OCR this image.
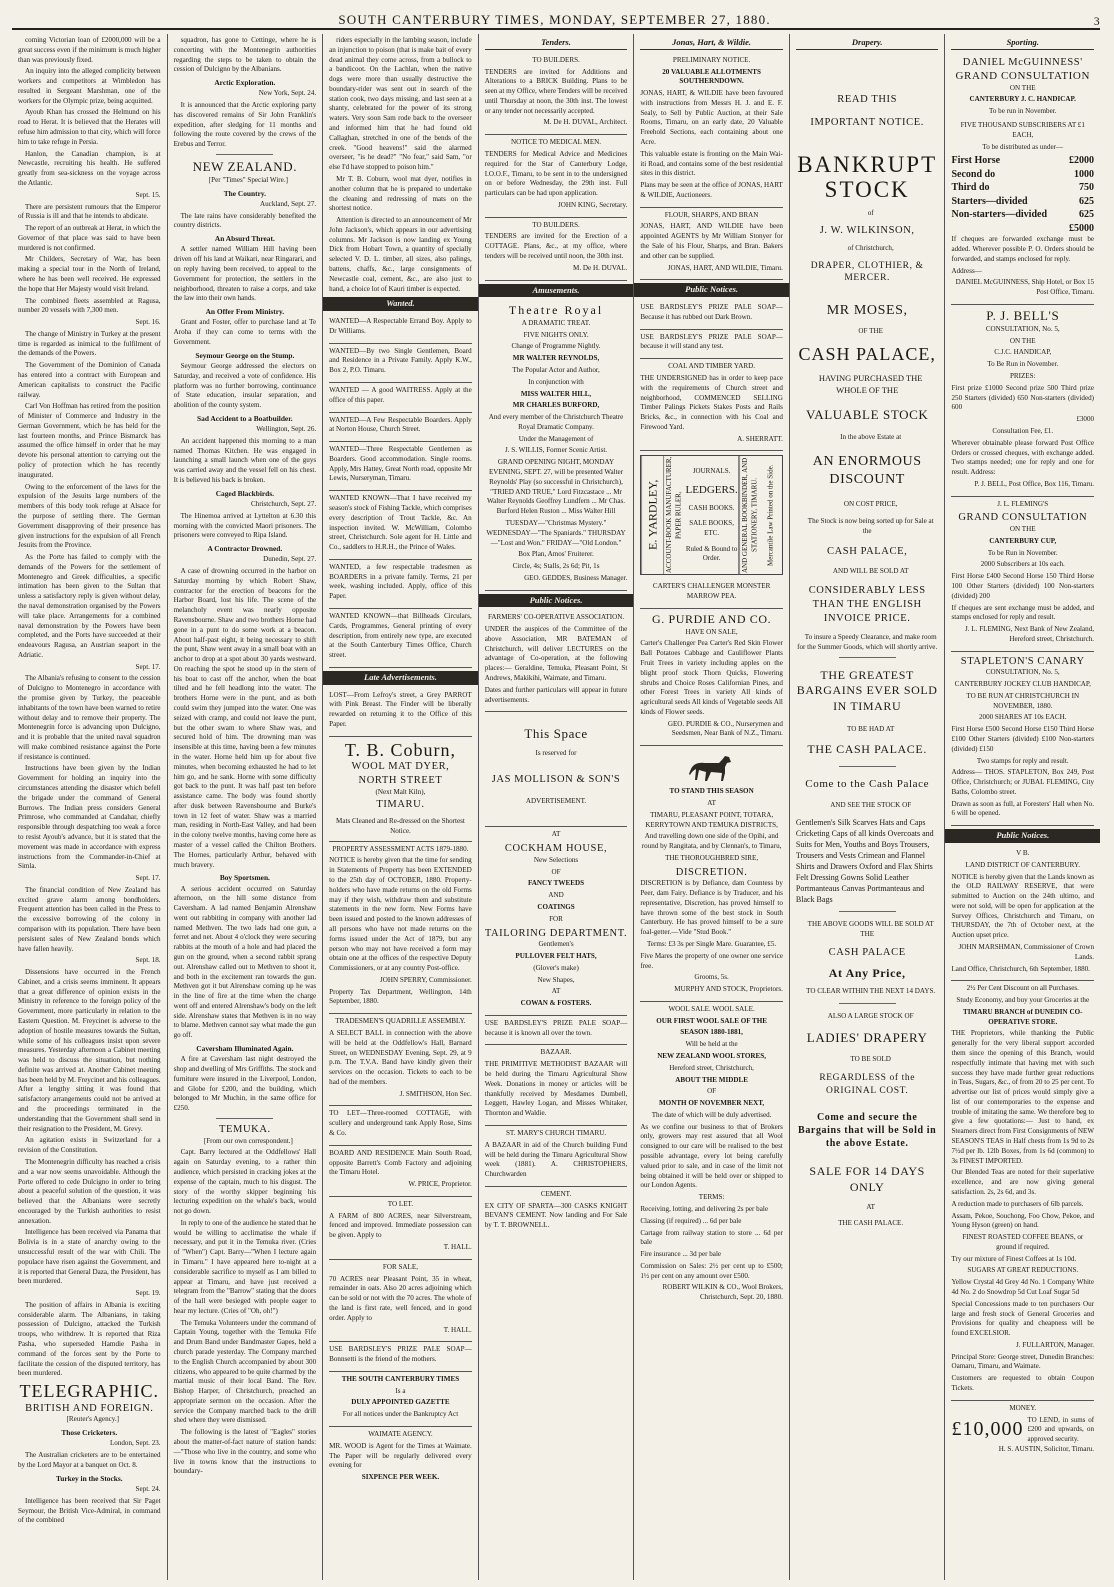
SOUTH CANTERBURY TIMES, MONDAY, SEPTEMBER 27, 1880.	3

coming Victorian loan of £2000,000 will be a great success even if the minimum is much higher than was previously fixed.

An inquiry into the alleged complicity between workers and competitors at Wimbledon has resulted in Sergeant Marshman, one of the workers for the Olympic prize, being acquitted.

Ayoub Khan has crossed the Helmund on his road to Herat. It is believed that the Herates will refuse him admission to that city, which will force him to take refuge in Persia.

Hanlon, the Canadian champion, is at Newcastle, recruiting his health. He suffered greatly from sea-sickness on the voyage across the Atlantic.

Sept. 15.

There are persistent rumours that the Emperor of Russia is ill and that he intends to abdicate.

The report of an outbreak at Herat, in which the Governor of that place was said to have been murdered is not confirmed.

Mr Childers, Secretary of War, has been making a special tour in the North of Ireland, where he has been well received. He expressed the hope that Her Majesty would visit Ireland.

The combined fleets assembled at Ragusa, number 20 vessels with 7,300 men.

Sept. 16.

The change of Ministry in Turkey at the present time is regarded as inimical to the fulfilment of the demands of the Powers.

The Government of the Dominion of Canada has entered into a contract with European and American capitalists to construct the Pacific railway.

Carl Von Hoffman has retired from the position of Minister of Commerce and Industry in the German Government, which he has held for the last fourteen months, and Prince Bismarck has assumed the office himself in order that he may devote his personal attention to carrying out the policy of protection which he has recently inaugurated.

Owing to the enforcement of the laws for the expulsion of the Jesuits large numbers of the members of this body took refuge at Alsace for the purpose of settling there. The German Government disapproving of their presence has given instructions for the expulsion of all French Jesuits from the Province.

As the Porte has failed to comply with the demands of the Powers for the settlement of Montenegro and Greek difficulties, a specific intimation has been given to the Sultan that unless a satisfactory reply is given without delay, the naval demonstration organised by the Powers will take place. Arrangements for a combined naval demonstration by the Powers have been completed, and the Ports have succeeded at their endeavours Ragusa, an Austrian seaport in the Adriatic.

Sept. 17.

The Albania's refusing to consent to the cession of Dulcigno to Montenegro in accordance with the promise given by Turkey, the peaceable inhabitants of the town have been warned to retire without delay and to remove their property. The Montenegrin force is advancing upon Dulcigno, and it is probable that the united naval squadron will make combined resistance against the Porte if resistance is continued.

Instructions have been given by the Indian Government for holding an inquiry into the circumstances attending the disaster which befell the brigade under the command of General Burrows. The Indian press considers General Primrose, who commanded at Candahar, chiefly responsible through despatching too weak a force to resist Ayoub's advance, but it is stated that the movement was made in accordance with express instructions from the Commander-in-Chief at Simla.

Sept. 17.

The financial condition of New Zealand has excited grave alarm among bondholders. Frequent attention has been called in the Press to the excessive borrowing of the colony in comparison with its population. There have been persistent sales of New Zealand bonds which have fallen heavily.

Sept. 18.

Dissensions have occurred in the French Cabinet, and a crisis seems imminent. It appears that a great difference of opinion exists in the Ministry in reference to the foreign policy of the Government, more particularly in relation to the Eastern Question. M. Freycinet is adverse to the adoption of hostile measures towards the Sultan, while some of his colleagues insist upon severe measures. Yesterday afternoon a Cabinet meeting was held to discuss the situation, but nothing definite was arrived at. Another Cabinet meeting has been held by M. Freycinet and his colleagues. After a lengthy sitting it was found that satisfactory arrangements could not be arrived at and the proceedings terminated in the understanding that the Government shall send in their resignation to the President, M. Grevy.

An agitation exists in Switzerland for a revision of the Constitution.

The Montenegrin difficulty has reached a crisis and a war now seems unavoidable. Although the Porte offered to cede Dulcigno in order to bring about a peaceful solution of the question, it was believed that the Albanians were secretly encouraged by the Turkish authorities to resist annexation.

Intelligence has been received via Panama that Bolivia is in a state of anarchy owing to the unsuccessful result of the war with Chili. The populace have risen against the Government, and it is reported that General Daza, the President, has been murdered.

Sept. 19.

The position of affairs in Albania is exciting considerable alarm. The Albanians, in taking possession of Dulcigno, attacked the Turkish troops, who withdrew. It is reported that Riza Pasha, who superseded Hamdie Pasha in command of the forces sent by the Porte to facilitate the cession of the disputed territory, has been murdered.

TELEGRAPHIC.
BRITISH AND FOREIGN.

[Reuter's Agency.]

Those Cricketers.

London, Sept. 23.

The Australian cricketers are to be entertained by the Lord Mayor at a banquet on Oct. 8.

Turkey in the Stocks.

Sept. 24.

Intelligence has been received that Sir Paget Seymour, the British Vice-Admiral, in command of the combined

squadron, has gone to Cettinge, where he is concerting with the Montenegrin authorities regarding the steps to be taken to obtain the cession of Dulcigno by the Albanians.

Arctic Exploration.

New York, Sept. 24.

It is announced that the Arctic exploring party has discovered remains of Sir John Franklin's expedition, after sledging for 11 months and following the route covered by the crews of the Erebus and Terror.

NEW ZEALAND.

[Per "Times" Special Wire.]

The Country.

Auckland, Sept. 27.

The late rains have considerably benefited the country districts.

An Absurd Threat.

A settler named William Hill having been driven off his land at Waikari, near Ringarari, and on reply having been received, to appeal to the Government for protection, the settlers in the neighborhood, threaten to raise a corps, and take the law into their own hands.

An Offer From Ministry.

Grant and Foster, offer to purchase land at Te Aroha if they can come to terms with the Government.

Seymour George on the Stump.

Seymour George addressed the electors on Saturday, and received a vote of confidence. His platform was no further borrowing, continuance of State education, insular separation, and abolition of the county system.

Sad Accident to a Boatbuilder.

Wellington, Sept. 26.

An accident happened this morning to a man named Thomas Kitchen. He was engaged in launching a small launch when one of the guys was carried away and the vessel fell on his chest. It is believed his back is broken.

Caged Blackbirds.

Christchurch, Sept. 27.

The Hinemoa arrived at Lyttelton at 6.30 this morning with the convicted Maori prisoners. The prisoners were conveyed to Ripa Island.

A Contractor Drowned.

Dunedin, Sept. 27.

A case of drowning occurred in the harbor on Saturday morning by which Robert Shaw, contractor for the erection of beacons for the Harbor Board, lost his life. The scene of the melancholy event was nearly opposite Ravensbourne. Shaw and two brothers Horne had gone in a punt to do some work at a beacon. About half-past eight, it being necessary to shift the punt, Shaw went away in a small boat with an anchor to drop at a spot about 30 yards westward. On reaching the spot he stood up in the stern of his boat to cast off the anchor, when the boat tilted and he fell headlong into the water. The brothers Horne were in the punt, and as both could swim they jumped into the water. One was seized with cramp, and could not leave the punt, but the other swam to where Shaw was, and secured hold of him. The drowning man was insensible at this time, having been a few minutes in the water. Horne held him up for about five minutes, when becoming exhausted he had to let him go, and he sank. Horne with some difficulty got back to the punt. It was half past ten before assistance came. The body was found shortly after dusk between Ravensbourne and Burke's town in 12 feet of water. Shaw was a married man, residing in North-East Valley, and had been in the colony twelve months, having come here as master of a vessel called the Chilton Brothers. The Hornes, particularly Arthur, behaved with much bravery.

Boy Sportsmen.

A serious accident occurred on Saturday afternoon, on the hill some distance from Caversham. A lad named Benjamin Alrenshaw went out rabbiting in company with another lad named Methven. The two lads had one gun, a ferret and net. About 4 o'clock they were securing rabbits at the mouth of a hole and had placed the gun on the ground, when a second rabbit sprang out. Alrenshaw called out to Methven to shoot it, and both in the excitement ran towards the gun. Methven got it but Alrenshaw coming up he was in the line of fire at the time when the charge went off and entered Alrenshaw's body on the left side. Alrenshaw states that Methven is in no way to blame. Methven cannot say what made the gun go off.

Caversham Illuminated Again.

A fire at Caversham last night destroyed the shop and dwelling of Mrs Griffiths. The stock and furniture were insured in the Liverpool, London, and Globe for £200, and the building, which belonged to Mr Muchin, in the same office for £250.

TEMUKA.

[From our own correspondent.]

Capt. Barry lectured at the Oddfellows' Hall again on Saturday evening, to a rather thin audience, which persisted in cracking jokes at the expense of the captain, much to his disgust. The story of the worthy skipper beginning his lecturing expedition on the whale's back, would not go down.

In reply to one of the audience he stated that he would be willing to acclimatise the whale if necessary, and put it in the Temuka river. (Cries of "When") Capt. Barry—"When I lecture again in Timaru." I have appeared here to-night at a considerable sacrifice to myself as I am billed to appear at Timaru, and have just received a telegram from the "Barrow" stating that the doors of the hall were besieged with people eager to hear my lecture. (Cries of "Oh, oh!")

The Temuka Volunteers under the command of Captain Young, together with the Temuka Fife and Drum Band under Bandmaster Gapes, held a church parade yesterday. The Company marched to the English Church accompanied by about 300 citizens, who appeared to be quite charmed by the martial music of their local Band. The Rev. Bishop Harper, of Christchurch, preached an appropriate sermon on the occasion. After the service the Company marched back to the drill shed where they were dismissed.

The following is the latest of "Eagles" stories about the matter-of-fact nature of station hands:—"Those who live in the country, and some who live in towns know that the instructions to boundary-

riders especially in the lambing season, include an injunction to poison (that is make bait of every dead animal they come across, from a bullock to a bandicoot. On the Lachlan, when the native dogs were more than usually destructive the boundary-rider was sent out in search of the station cook, two days missing, and last seen at a shanty, celebrated for the power of its strong waters. Very soon Sam rode back to the overseer and informed him that he had found old Callaghan, stretched in one of the bends of the creek. "Good heavens!" said the alarmed overseer, "is he dead?" "No fear," said Sam, "or else I'd have stopped to poison him."

Mr T. B. Coburn, wool mat dyer, notifies in another column that he is prepared to undertake the cleaning and redressing of mats on the shortest notice.

Attention is directed to an announcement of Mr John Jackson's, which appears in our advertising columns. Mr Jackson is now landing ex Young Dick from Hobart Town, a quantity of specially selected V. D. L. timber, all sizes, also palings, battens, chaffs, &c., large consignments of Newcastle coal, cement, &c., are also just to hand, a choice lot of Kauri timber is expected.

Wanted.

WANTED—A Respectable Errand Boy. Apply to Dr Williams.

WANTED—By two Single Gentlemen, Board and Residence in a Private Family. Apply K.W., Box 2, P.O. Timaru.

WANTED — A good WAITRESS. Apply at the office of this paper.

WANTED—A Few Respectable Boarders. Apply at Norton House, Church Street.

WANTED—Three Respectable Gentlemen as Boarders. Good accommodation. Single rooms. Apply, Mrs Hattey, Great North road, opposite Mr Lewis, Nurseryman, Timaru.

WANTED KNOWN—That I have received my season's stock of Fishing Tackle, which comprises every description of Trout Tackle, &c. An inspection invited. W. McWilliam, Colombo street, Christchurch. Sole agent for H. Little and Co., saddlers to H.R.H., the Prince of Wales.

WANTED, a few respectable tradesmen as BOARDERS in a private family. Terms, 21 per week, washing included. Apply, office of this Paper.

WANTED KNOWN—that Billheads Circulars, Cards, Programmes, General printing of every description, from entirely new type, are executed at the South Canterbury Times Office, Church street.

Late Advertisements.

LOST—From Lefroy's street, a Grey PARROT with Pink Breast. The Finder will be liberally rewarded on returning it to the Office of this Paper.

T. B. Coburn,
WOOL MAT DYER,
NORTH STREET
(Next Malt Kiln),
TIMARU.
Mats Cleaned and Re-dressed on the Shortest Notice.

PROPERTY ASSESSMENT ACTS 1879-1880.

NOTICE is hereby given that the time for sending in Statements of Property has been EXTENDED to the 25th day of OCTOBER, 1880. Property-holders who have made returns on the old Forms may if they wish, withdraw them and substitute statements in the new form. New Forms have been issued and posted to the known addresses of all persons who have not made returns on the forms issued under the Act of 1879, but any person who may not have received a form may obtain one at the offices of the respective Deputy Commissioners, or at any country Post-office.

JOHN SPERRY, Commissioner.

Property Tax Department, Wellington, 14th September, 1880.

TRADESMEN'S QUADRILLE ASSEMBLY.

A SELECT BALL in connection with the above will be held at the Oddfellow's Hall, Barnard Street, on WEDNESDAY Evening, Sept. 29, at 9 p.m. The T.V.A. Band have kindly given their services on the occasion. Tickets to each to be had of the members.

J. SMITHSON, Hon Sec.

TO LET—Three-roomed COTTAGE, with scullery and underground tank Apply Rose, Sims & Co.

BOARD AND RESIDENCE Main South Road, opposite Barrett's Comb Factory and adjoining the Timaru Hotel.

W. PRICE, Proprietor.

TO LET.

A FARM of 800 ACRES, near Silverstream, fenced and improved. Immediate possession can be given. Apply to

T. HALL.

FOR SALE,

70 ACRES near Pleasant Point, 35 in wheat, remainder in oats. Also 20 acres adjoining which can be sold or not with the 70 acres. The whole of the land is first rate, well fenced, and in good order. Apply to

T. HALL.

USE BARDSLEY'S PRIZE PALE SOAP—Bonnsetti is the friend of the mothers.

THE SOUTH CANTERBURY TIMES

Is a

DULY APPOINTED GAZETTE

For all notices under the Bankruptcy Act

WAIMATE AGENCY.

MR. WOOD is Agent for the Times at Waimate. The Paper will be regularly delivered every evening for

SIXPENCE PER WEEK.

Tenders.

TO BUILDERS.

TENDERS are invited for Additions and Alterations to a BRICK Building. Plans to be seen at my Office, where Tenders will be received until Thursday at noon, the 30th inst. The lowest or any tender not necessarily accepted.

M. De H. DUVAL, Architect.

NOTICE TO MEDICAL MEN.

TENDERS for Medical Advice and Medicines required for the Star of Canterbury Lodge, I.O.O.F., Timaru, to be sent in to the undersigned on or before Wednesday, the 29th inst. Full particulars can be had upon application.

JOHN KING, Secretary.

TO BUILDERS.

TENDERS are invited for the Erection of a COTTAGE. Plans, &c., at my office, where tenders will be received until noon, the 30th inst.

M. De H. DUVAL.

Amusements.
Theatre Royal

A DRAMATIC TREAT.

FIVE NIGHTS ONLY.

Change of Programme Nightly.

MR WALTER REYNOLDS,

The Popular Actor and Author,

In conjunction with

MISS WALTER HILL,

MR CHARLES BURFORD,

And every member of the Christchurch Theatre Royal Dramatic Company.

Under the Management of

J. S. WILLIS, Former Scenic Artist.

GRAND OPENING NIGHT, MONDAY EVENING, SEPT. 27, will be presented Walter Reynolds' Play (so successful in Christchurch), "TRIED AND TRUE," Lord Fitzcastace ... Mr Walter Reynolds Geoffrey Lundfern ... Mr Chas. Burford Helen Ruston ... Miss Walter Hill

TUESDAY—"Christmas Mystery." WEDNESDAY—"The Spaniards." THURSDAY—"Lost and Won." FRIDAY—"Old London."

Box Plan, Amos' Fruiterer.

Circle, 4s; Stalls, 2s 6d; Pit, 1s

GEO. GEDDES, Business Manager.

Public Notices.

FARMERS' CO-OPERATIVE ASSOCIATION.

UNDER the auspices of the Committee of the above Association, MR BATEMAN of Christchurch, will deliver LECTURES on the advantage of Co-operation, at the following places:— Geraldine, Temuka, Pleasant Point, St Andrews, Makikihi, Waimate, and Timaru.

Dates and further particulars will appear in future advertisements.

This Space

Is reserved for

JAS MOLLISON & SON'S

ADVERTISEMENT.

AT

COCKHAM HOUSE,

New Selections

OF

FANCY TWEEDS

AND

COATINGS

FOR

TAILORING DEPARTMENT.

Gentlemen's

PULLOVER FELT HATS,

(Glover's make)

New Shapes,

AT

COWAN & FOSTERS.

USE BARDSLEY'S PRIZE PALE SOAP—because it is known all over the town.

BAZAAR.

THE PRIMITIVE METHODIST BAZAAR will be held during the Timaru Agricultural Show Week. Donations in money or articles will be thankfully received by Mesdames Dumbell, Leggett, Hawley Logan, and Misses Whitaker, Thornton and Waldie.

ST. MARY'S CHURCH TIMARU.

A BAZAAR in aid of the Church building Fund will be held during the Timaru Agricultural Show week (1881). A. CHRISTOPHERS, Churchwarden

CEMENT.

EX CITY OF SPARTA—300 CASKS KNIGHT BEVAN'S CEMENT. Now landing and For Sale by T. T. BROWNELL.

Jonas, Hart, & Wildie.

PRELIMINARY NOTICE.

20 VALUABLE ALLOTMENTS SOUTHERNDOWN.

JONAS, HART, & WILDIE have been favoured with instructions from Messrs H. J. and E. F. Sealy, to Sell by Public Auction, at their Sale Rooms, Timaru, on an early date, 20 Valuable Freehold Sections, each containing about one Acre.

This valuable estate is fronting on the Main Wai-iti Road, and contains some of the best residential sites in this district.

Plans may be seen at the office of JONAS, HART & WILDIE, Auctioneers.

FLOUR, SHARPS, AND BRAN

JONAS, HART, AND WILDIE have been appointed AGENTS by Mr William Stonyer for the Sale of his Flour, Sharps, and Bran. Bakers and other can be supplied.

JONAS, HART, AND WILDIE, Timaru.

Public Notices.

USE BARDSLEY'S PRIZE PALE SOAP—Because it has rubbed out Dark Brown.

USE BARDSLEY'S PRIZE PALE SOAP—because it will stand any test.

COAL AND TIMBER YARD.

THE UNDERSIGNED has in order to keep pace with the requirements of Church street and neighborhood, COMMENCED SELLING Timber Palings Pickets Stakes Posts and Rails Bricks, &c., in connection with his Coal and Firewood Yard.

A. SHERRATT.

E. YARDLEY, ACCOUNT-BOOK MANUFACTURER, PAPER RULER,
JOURNALS.
LEDGERS.
CASH BOOKS.
SALE BOOKS, ETC.
Ruled & Bound to Order.	AND GENERAL BOOKBINDER, AND STATIONERY, TIMARU.	Mercantile Law Printed on the Side.

CARTER'S CHALLENGER MONSTER MARROW PEA.

G. PURDIE AND CO.

HAVE ON SALE,

Carter's Challenger Pea Carter's Red Skin Flower Ball Potatoes Cabbage and Cauliflower Plants Fruit Trees in variety including apples on the blight proof stock Thorn Quicks, Flowering shrubs and Choice Roses Californian Pines, and other Forest Trees in variety All kinds of agricultural seeds All kinds of Vegetable seeds All kinds of Flower seeds.

GEO. PURDIE & CO., Nurserymen and Seedsmen, Near Bank of N.Z., Timaru.

TO STAND THIS SEASON

AT

TIMARU, PLEASANT POINT, TOTARA, KERRYTOWN AND TEMUKA DISTRICTS,

And travelling down one side of the Opihi, and round by Rangitata, and by Clennan's, to Timaru,

THE THOROUGHBRED SIRE,

DISCRETION.

DISCRETION is by Defiance, dam Countess by Peer, dam Fairy. Defiance is by Traducer, and his representative, Discretion, has proved himself to have thrown some of the best stock in South Canterbury. He has proved himself to be a sure foal-getter.—Vide "Stud Book."

Terms: £3 3s per Single Mare. Guarantee, £5.

Five Mares the property of one owner one service free.

Grooms, 5s.

MURPHY AND STOCK, Proprietors.

WOOL SALE. WOOL SALE.

OUR FIRST WOOL SALE OF THE

SEASON 1880-1881,

Will be held at the

NEW ZEALAND WOOL STORES,

Hereford street, Christchurch,

ABOUT THE MIDDLE

OF

MONTH OF NOVEMBER NEXT,

The date of which will be duly advertised.

As we confine our business to that of Brokers only, growers may rest assured that all Wool consigned to our care will be realised to the best possible advantage, every lot being carefully valued prior to sale, and in case of the limit not being obtained it will be held over or shipped to our London Agents.

TERMS:

Receiving, lotting, and delivering 2s per bale

Classing (if required) ... 6d per bale

Cartage from railway station to store ... 6d per bale

Fire insurance ... 3d per bale

Commission on Sales: 2½ per cent up to £500; 1½ per cent on any amount over £500.

ROBERT WILKIN & CO., Wool Brokers, Christchurch, Sept. 20, 1880.

Drapery.
READ THIS
IMPORTANT NOTICE.
BANKRUPT
STOCK

of

J. W. WILKINSON,

of Christchurch,

DRAPER, CLOTHIER, & MERCER.
MR MOSES,

OF THE

CASH PALACE,

HAVING PURCHASED THE WHOLE OF THE

VALUABLE STOCK

In the above Estate at

AN ENORMOUS DISCOUNT

ON COST PRICE,

The Stock is now being sorted up for Sale at the

CASH PALACE,

AND WILL BE SOLD AT

CONSIDERABLY LESS THAN THE ENGLISH INVOICE PRICE.

To insure a Speedy Clearance, and make room for the Summer Goods, which will shortly arrive.

THE GREATEST BARGAINS EVER SOLD IN TIMARU

TO BE HAD AT

THE CASH PALACE.
Come to the Cash Palace

AND SEE THE STOCK OF

Gentlemen's Silk Scarves Hats and Caps Cricketing Caps of all kinds Overcoats and Suits for Men, Youths and Boys Trousers, Trousers and Vests Crimean and Flannel Shirts and Drawers Oxford and Flax Shirts Felt Dressing Gowns Solid Leather Portmanteaus Canvas Portmanteaus and Black Bags

THE ABOVE GOODS WILL BE SOLD AT THE

CASH PALACE
At Any Price,

TO CLEAR WITHIN THE NEXT 14 DAYS.

ALSO A LARGE STOCK OF

LADIES' DRAPERY

TO BE SOLD

REGARDLESS of the ORIGINAL COST.
Come and secure the Bargains that will be Sold in the above Estate.
SALE FOR 14 DAYS ONLY

AT

THE CASH PALACE.

Sporting.
DANIEL McGUINNESS'
GRAND CONSULTATION

ON THE

CANTERBURY J. C. HANDICAP.

To be run in November.

FIVE THOUSAND SUBSCRIBERS AT £1 EACH,

To be distributed as under—

First Horse	£2000
Second do	1000
Third do	750
Starters—divided	625
Non-starters—divided	625
£5000

If cheques are forwarded exchange must be added. Wherever possible P. O. Orders should be forwarded, and stamps enclosed for reply.

Address—

DANIEL McGUINNESS, Ship Hotel, or Box 15 Post Office, Timaru.

P. J. BELL'S

CONSULTATION, No. 5,

ON THE

C.J.C. HANDICAP,

To Be Run in November.

PRIZES:

First prize £1000 Second prize 500 Third prize 250 Starters (divided) 650 Non-starters (divided) 600

£3000

Consultation Fee, £1.

Wherever obtainable please forward Post Office Orders or crossed cheques, with exchange added. Two stamps needed; one for reply and one for result. Address:

P. J. BELL, Post Office, Box 116, Timaru.

J. L. FLEMING'S

GRAND CONSULTATION

ON THE

CANTERBURY CUP,

To be Run in November.

2000 Subscribers at 10s each.

First Horse £400 Second Horse 150 Third Horse 100 Other Starters (divided) 100 Non-starters (divided) 200

If cheques are sent exchange must be added, and stamps enclosed for reply and result.

J. L. FLEMING, Next Bank of New Zealand, Hereford street, Christchurch.

STAPLETON'S CANARY

CONSULTATION, No. 5,

CANTERBURY JOCKEY CLUB HANDICAP,

TO BE RUN AT CHRISTCHURCH IN NOVEMBER, 1880.

2000 SHARES AT 10s EACH.

First Horse £500 Second Horse £150 Third Horse £100 Other Starters (divided) £100 Non-starters (divided) £150

Two stamps for reply and result.

Address— THOS. STAPLETON, Box 249, Post Office, Christchurch; or JUBAL FLEMING, City Baths, Colombo street.

Drawn as soon as full, at Foresters' Hall when No. 6 will be opened.

Public Notices.

V B.

LAND DISTRICT OF CANTERBURY.

NOTICE is hereby given that the Lands known as the OLD RAILWAY RESERVE, that were submitted to Auction on the 24th ultimo, and were not sold, will be open for application at the Survey Offices, Christchurch and Timaru, on THURSDAY, the 7th of October next, at the Auction upset price.

JOHN MARSHMAN, Commissioner of Crown Lands.

Land Office, Christchurch, 6th September, 1880.

2½ Per Cent Discount on all Purchases.

Study Economy, and buy your Groceries at the

TIMARU BRANCH of DUNEDIN CO-OPERATIVE STORE.

THE Proprietors, while thanking the Public generally for the very liberal support accorded them since the opening of this Branch, would respectfully intimate that having met with such success they have made further great reductions in Teas, Sugars, &c., of from 20 to 25 per cent. To advertise our list of prices would simply give a list of our contemporaries to the expense and trouble of imitating the same. We therefore beg to give a few quotations:— Just to hand, ex Steamers direct from First Consignments of NEW SEASON'S TEAS in Half chests from 1s 9d to 2s 7½d per lb. 12lb Boxes, from 1s 6d (common) to 3s FINEST IMPORTED.

Our Blended Teas are noted for their superlative excellence, and are now giving general satisfaction. 2s, 2s 6d, and 3s.

A reduction made to purchasers of 6lb parcels.

Assam, Pekoe, Souchong, Foo Chow, Pekoe, and Young Hyson (green) on hand.

FINEST ROASTED COFFEE BEANS, or ground if required.

Try our mixture of Finest Coffees at 1s 10d.

SUGARS AT GREAT REDUCTIONS.

Yellow Crystal 4d Grey 4d No. 1 Company White 4d No. 2 do Snowdrop 5d Cut Loaf Sugar 5d

Special Concessions made to ten purchasers Our large and fresh stock of General Groceries and Provisions for quality and cheapness will be found EXCELSIOR.

J. FULLARTON, Manager.

Principal Store: George street, Dunedin Branches: Oamaru, Timaru, and Waimate.

Customers are requested to obtain Coupon Tickets.

MONEY.

£10,000 TO LEND, in sums of £200 and upwards, on approved security.

H. S. AUSTIN, Solicitor, Timaru.
